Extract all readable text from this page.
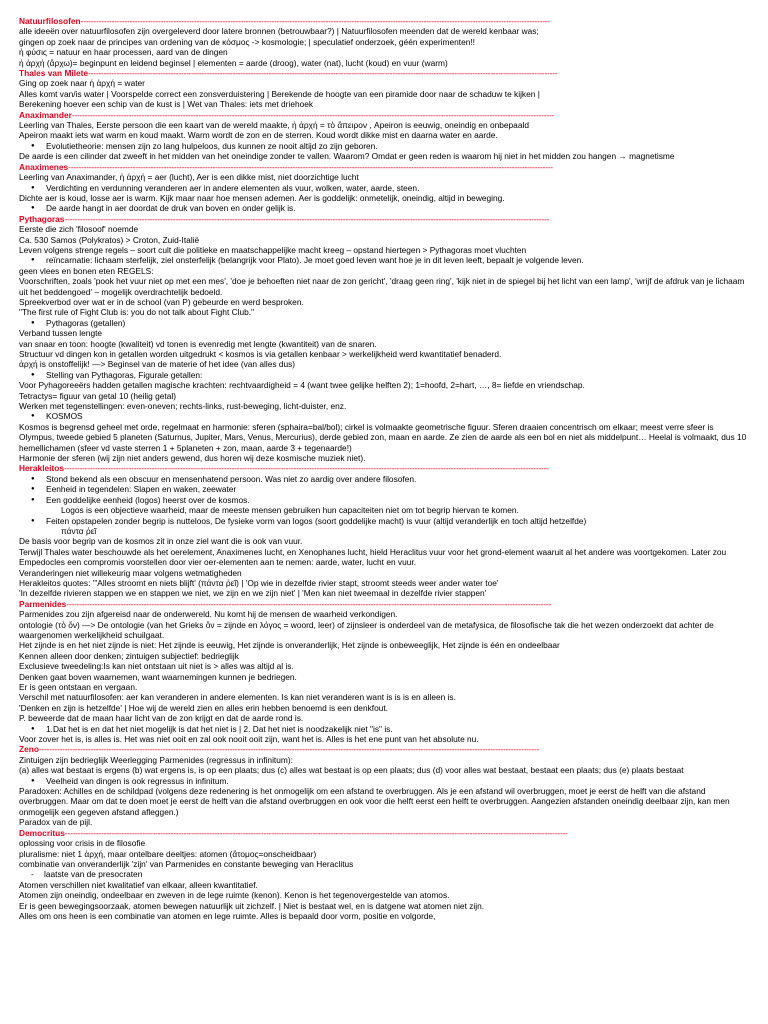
Natuurfilosofen--------------------------------------------------------------------------------------------------------------------------------------------------------------------------------------
alle ideeën over natuurfilosofen zijn overgeleverd door latere bronnen (betrouwbaar?) | Natuurfilosofen meenden dat de wereld kenbaar was;
gingen op zoek naar de principes van ordening van de κόσμος -> kosmologie; | speculatief onderzoek, géén experimenten!!
ἡ φύσις = natuur en haar processen, aard van de dingen
ἡ ἀρχή (ἄρχω)= beginpunt en leidend beginsel | elementen = aarde (droog), water (nat), lucht (koud) en vuur (warm)
Thales van Milete--------------------------------------------------------------------------------------------------------------------------------------------------------------------------------------
Ging op zoek naar ἡ ἀρχή = water
Alles komt van/is water | Voorspelde correct een zonsverduistering | Berekende de hoogte van een piramide door naar de schaduw te kijken |
Berekening hoever een schip van de kust is | Wet van Thales: iets met driehoek
Anaximander-------------------------------------------------------------------------------------------------------------------------------------------------------------------------------------------
Leerling van Thales, Eerste persoon die een kaart van de wereld maakte, ἡ ἀρχή = τὸ ἄπειρον , Apeiron is eeuwig, oneindig en onbepaald
Apeiron maakt iets wat warm en koud maakt. Warm wordt de zon en de sterren. Koud wordt dikke mist en daarna water en aarde.
● Evolutietheorie: mensen zijn zo lang hulpeloos, dus kunnen ze nooit altijd zo zijn geboren.
De aarde is een cilinder dat zweeft in het midden van het oneindige zonder te vallen. Waarom? Omdat er geen reden is waarom hij niet in het midden zou hangen → magnetisme
Anaximenes--------------------------------------------------------------------------------------------------------------------------------------------------------------------------------------------
Leerling van Anaximander, ἡ ἀρχή = aer (lucht), Aer is een dikke mist, niet doorzichtige lucht
● Verdichting en verdunning veranderen aer in andere elementen als vuur, wolken, water, aarde, steen.
Dichte aer is koud, losse aer is warm. Kijk maar naar hoe mensen ademen. Aer is goddelijk: onmetelijk, oneindig, altijd in beweging.
● De aarde hangt in aer doordat de druk van boven en onder gelijk is.
Pythagoras--------------------------------------------------------------------------------------------------------------------------------------------------------------------------------------------
Eerste die zich 'filosoof' noemde
Ca. 530 Samos (Polykratos) > Croton, Zuid-Italië
Leven volgens strenge regels – soort cult die politieke en maatschappelijke macht kreeg – opstand hiertegen > Pythagoras moet vluchten
● reïncarnatie: lichaam sterfelijk, ziel onsterfelijk (belangrijk voor Plato). Je moet goed leven want hoe je in dit leven leeft, bepaalt je volgende leven.
geen vlees en bonen eten REGELS:
Voorschriften, zoals 'pook het vuur niet op met een mes', 'doe je behoeften niet naar de zon gericht', 'draag geen ring', 'kijk niet in de spiegel bij het licht van een lamp', 'wrijf de afdruk van je lichaam uit het beddengoed' – mogelijk overdrachtelijk bedoeld.
Spreekverbod over wat er in de school (van P) gebeurde en werd besproken.
"The first rule of Fight Club is: you do not talk about Fight Club."
● Pythagoras (getallen)
Verband tussen lengte
van snaar en toon: hoogte (kwaliteit) vd tonen is evenredig met lengte (kwantiteit) van de snaren.
Structuur vd dingen kon in getallen worden uitgedrukt < kosmos is via getallen kenbaar > werkelijkheid werd kwantitatief benaderd.
ἀρχή is onstoffelijk! —> Beginsel van de materie of het idee (van alles dus)
● Stelling van Pythagoras, Figurale getallen:
Voor Pyhagoreeërs hadden getallen magische krachten: rechtvaardigheid = 4 (want twee gelijke helften 2); 1=hoofd, 2=hart, …, 8= liefde en vriendschap.
Tetractys= figuur van getal 10 (heilig getal)
Werken met tegenstellingen: even-oneven; rechts-links, rust-beweging, licht-duister, enz.
● KOSMOS
Kosmos is begrensd geheel met orde, regelmaat en harmonie: sferen (sphaira=bal/bol); cirkel is volmaakte geometrische figuur. Sferen draaien concentrisch om elkaar; meest verre sfeer is Olympus, tweede gebied 5 planeten (Saturnus, Jupiter, Mars, Venus, Mercurius), derde gebied zon, maan en aarde. Ze zien de aarde als een bol en niet als middelpunt… Heelal is volmaakt, dus 10 hemellichamen (sfeer vd vaste sterren 1 + 5planeten + zon, maan, aarde 3 + tegenaarde!)
Harmonie der sferen (wij zijn niet anders gewend, dus horen wij deze kosmische muziek niet).
Herakleitos--------------------------------------------------------------------------------------------------------------------------------------------------------------------------------------------
● Stond bekend als een obscuur en mensenhatend persoon. Was niet zo aardig over andere filosofen.
● Eenheid in tegendelen: Slapen en waken, zeewater
● Een goddelijke eenheid (logos) heerst over de kosmos.
Logos is een objectieve waarheid, maar de meeste mensen gebruiken hun capaciteiten niet om tot begrip hiervan te komen.
● Feiten opstapelen zonder begrip is nutteloos, De fysieke vorm van logos (soort goddelijke macht) is vuur (altijd veranderlijk en toch altijd hetzelfde)
πάντα ῥεῖ
De basis voor begrip van de kosmos zit in onze ziel want die is ook van vuur.
Terwijl Thales water beschouwde als het oerelement, Anaximenes lucht, en Xenophanes lucht, hield Heraclitus vuur voor het grond-element waaruit al het andere was voortgekomen. Later zou Empedocles een compromis voorstellen door vier oer-elementen aan te nemen: aarde, water, lucht en vuur.
Veranderingen niet willekeurig maar volgens wetmatigheden
Herakleitos quotes: '"Alles stroomt en niets blijft' (πάντα ῥεῖ) | 'Op wie in dezelfde rivier stapt, stroomt steeds weer ander water toe'
'In dezelfde rivieren stappen we en stappen we niet, we zijn en we zijn niet' | 'Men kan niet tweemaal in dezelfde rivier stappen'
Parmenides--------------------------------------------------------------------------------------------------------------------------------------------------------------------------------------------
Parmenides zou zijn afgereisd naar de onderwereld. Nu komt hij de mensen de waarheid verkondigen.
ontologie (τὸ ὄν) —> De ontologie (van het Grieks ὄν = zijnde en λόγος = woord, leer) of zijnsleer is onderdeel van de metafysica, de filosofische tak die het wezen onderzoekt dat achter de waargenomen werkelijkheid schuilgaat.
Het zijnde is en het niet zijnde is niet: Het zijnde is eeuwig, Het zijnde is onveranderlijk, Het zijnde is onbeweeglijk, Het zijnde is één en ondeelbaar
Kennen alleen door denken; zintuigen subjectief: bedrieglijk
Exclusieve tweedeling:Is kan niet ontstaan uit niet is > alles was altijd al is.
Denken gaat boven waarnemen, want waarnemingen kunnen je bedriegen.
Er is geen ontstaan en vergaan.
Verschil met natuurfilosofen: aer kan veranderen in andere elementen. Is kan niet veranderen want is is is en alleen is.
'Denken en zijn is hetzelfde' | Hoe wij de wereld zien en alles erin hebben benoemd is een denkfout.
P. beweerde dat de maan haar licht van de zon krijgt en dat de aarde rond is.
● 1.Dat het is en dat het niet mogelijk is dat het niet is | 2. Dat het niet is noodzakelijk niet "is" is.
Voor zover het is, is alles is. Het was niet ooit en zal ook nooit ooit zijn, want het is. Alles is het ene punt van het absolute nu.
Zeno--------------------------------------------------------------------------------------------------------------------------------------------------------------------------------------------------
Zintuigen zijn bedrieglijk Weerlegging Parmenides (regressus in infinitum):
(a) alles wat bestaat is ergens (b) wat ergens is, is op een plaats; dus (c) alles wat bestaat is op een plaats; dus (d) voor alles wat bestaat, bestaat een plaats; dus (e) plaats bestaat
● Veelheid van dingen is ook regressus in infinitum.
Paradoxen: Achilles en de schildpad (volgens deze redenering is het onmogelijk om een afstand te overbruggen. Als je een afstand wil overbruggen, moet je eerst de helft van die afstand overbruggen. Maar om dat te doen moet je eerst de helft van die afstand overbruggen en ook voor die helft eerst een helft te overbruggen. Aangezien afstanden oneindig deelbaar zijn, kan men onmogelijk een gegeven afstand afleggen.)
Paradox van de pijl.
Democritus---------------------------------------------------------------------------------------------------------------------------------------------------------------------------------------------------
oplossing voor crisis in de filosofie
pluralisme: niet 1 ἀρχή, maar ontelbare deeltjes: atomen (ἄτομος=onscheidbaar)
combinatie van onveranderlijk 'zijn' van Parmenides en constante beweging van Heraclitus
- laatste van de presocraten
Atomen verschillen niet kwalitatief van elkaar, alleen kwantitatief.
Atomen zijn oneindig, ondeelbaar en zweven in de lege ruimte (kenon). Kenon is het tegenovergestelde van atomos.
Er is geen bewegingsoorzaak, atomen bewegen natuurlijk uit zichzelf. | Niet is bestaat wel, en is datgene wat atomen niet zijn.
Alles om ons heen is een combinatie van atomen en lege ruimte. Alles is bepaald door vorm, positie en volgorde,
